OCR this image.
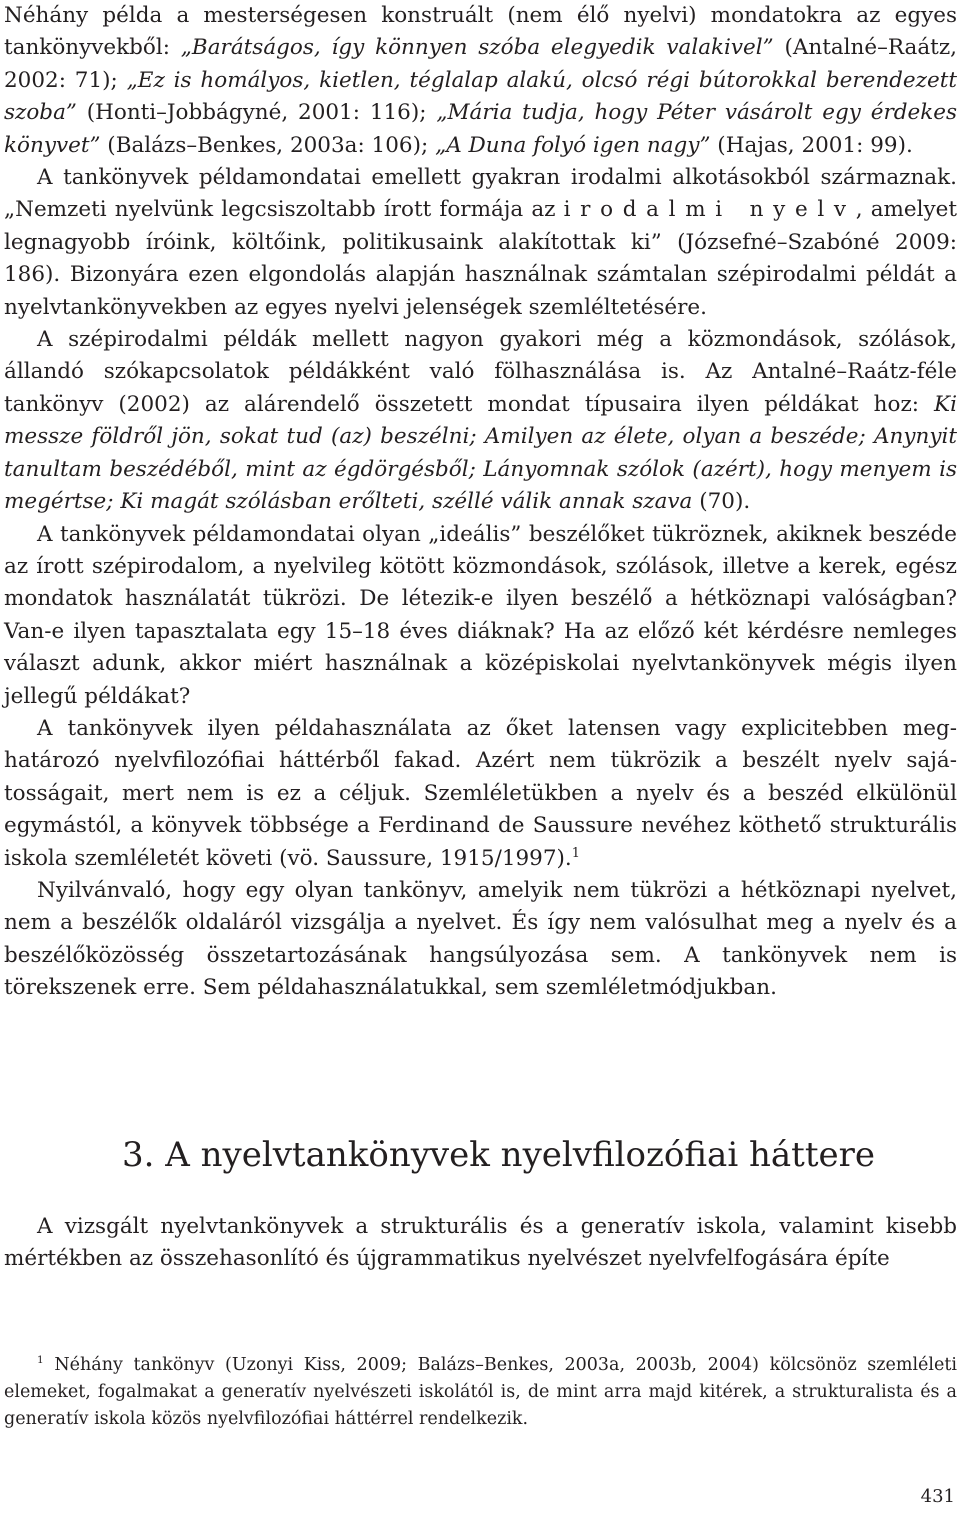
Néhány példa a mesterségesen konstruált (nem élő nyelvi) mondatokra az egyes tankönyvekből: „Barátságos, így könnyen szóba elegyedik valakivel” (Antalné–Raátz, 2002: 71); „Ez is homályos, kietlen, téglalap alakú, olcsó régi bútorokkal berendezett szoba” (Honti–Jobbágyné, 2001: 116); „Mária tudja, hogy Péter vásárolt egy érdekes könyvet” (Balázs–Benkes, 2003a: 106); „A Duna folyó igen nagy” (Hajas, 2001: 99).

A tankönyvek példamondatai emellett gyakran irodalmi alkotásokból származnak. „Nemzeti nyelvünk legcsiszoltabb írott formája az irodalmi nyelv, amelyet legnagyobb íróink, költőink, politikusaink alakítottak ki” (Józsefné–Szabóné 2009: 186). Bizonyára ezen elgondolás alapján használnak számtalan szépirodalmi példát a nyelvtankönyvekben az egyes nyelvi jelenségek szemléltetésére.

A szépirodalmi példák mellett nagyon gyakori még a közmondások, szólások, állandó szókapcsolatok példákként való fölhasználása is. Az Antalné–Raátz-féle tankönyv (2002) az alárendelő összetett mondat típusaira ilyen példákat hoz: Ki messze földről jön, sokat tud (az) beszélni; Amilyen az élete, olyan a beszéde; Anynyit tanultam beszédéből, mint az égdörgésből; Lányomnak szólok (azért), hogy menyem is megértse; Ki magát szólásban erőlteti, széllé válik annak szava (70).

A tankönyvek példamondatai olyan „ideális” beszélőket tükröznek, akiknek beszéde az írott szépirodalom, a nyelvileg kötött közmondások, szólások, illetve a kerek, egész mondatok használatát tükrözi. De létezik-e ilyen beszélő a hétköznapi valóságban? Van-e ilyen tapasztalata egy 15–18 éves diáknak? Ha az előző két kérdésre nemleges választ adunk, akkor miért használnak a középiskolai nyelvtankönyvek mégis ilyen jellegű példákat?

A tankönyvek ilyen példahasználata az őket latensen vagy explicitebben meghatározó nyelvfilozófiai háttérből fakad. Azért nem tükrözik a beszélt nyelv sajátosságait, mert nem is ez a céljuk. Szemléletükben a nyelv és a beszéd elkülönül egymástól, a könyvek többsége a Ferdinand de Saussure nevéhez köthető strukturális iskola szemléletét követi (vö. Saussure, 1915/1997).$^1$

Nyilvánvaló, hogy egy olyan tankönyv, amelyik nem tükrözi a hétköznapi nyelvet, nem a beszélők oldaláról vizsgálja a nyelvet. És így nem valósulhat meg a nyelv és a beszélőközösség összetartozásának hangsúlyozása sem. A tankönyvek nem is törekszenek erre. Sem példahasználatukkal, sem szemléletmódjukban.

3. A nyelvtankönyvek nyelvfilozófiai háttere

A vizsgált nyelvtankönyvek a strukturális és a generatív iskola, valamint kisebb mértékben az összehasonlító és újgrammatikus nyelvészet nyelvfelfogására építe

$^1$ Néhány tankönyv (Uzonyi Kiss, 2009; Balázs–Benkes, 2003a, 2003b, 2004) kölcsönöz szemléleti elemeket, fogalmakat a generatív nyelvészeti iskolától is, de mint arra majd kitérek, a strukturalista és a generatív iskola közös nyelvfilozófiai háttérrel rendelkezik.

431
